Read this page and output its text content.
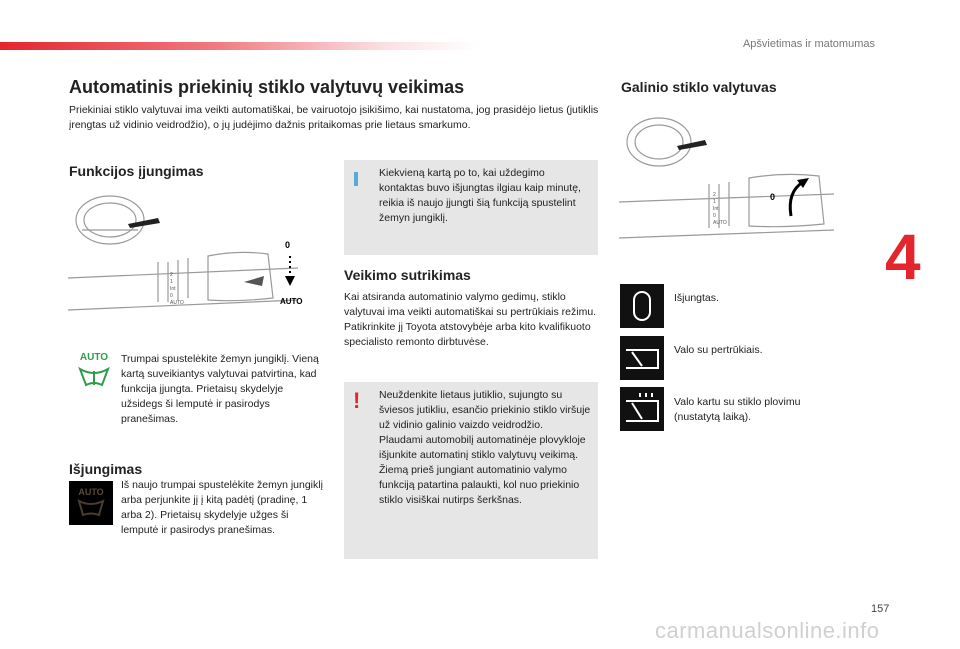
Apšvietimas ir matomumas
4
Automatinis priekinių stiklo valytuvų veikimas
Priekiniai stiklo valytuvai ima veikti automatiškai, be vairuotojo įsikišimo, kai nustatoma, jog prasidėjo lietus (jutiklis įrengtas už vidinio veidrodžio), o jų judėjimo dažnis pritaikomas prie lietaus smarkumo.
Funkcijos įjungimas
0
AUTO
2
1
Int
0
AUTO
AUTO	Trumpai spustelėkite žemyn jungiklį. Vieną kartą suveikiantys valytuvai patvirtina, kad funkcija įjungta. Prietaisų skydelyje užsidegs ši lemputė ir pasirodys pranešimas.
Išjungimas
AUTO
Iš naujo trumpai spustelėkite žemyn jungiklį arba perjunkite jį į kitą padėtį (pradinę, 1 arba 2). Prietaisų skydelyje užges ši lemputė ir pasirodys pranešimas.
Kiekvieną kartą po to, kai uždegimo kontaktas buvo išjungtas ilgiau kaip minutę, reikia iš naujo įjungti šią funkciją spustelint žemyn jungiklį.
Veikimo sutrikimas
Kai atsiranda automatinio valymo gedimų, stiklo valytuvai ima veikti automatiškai su pertrūkiais režimu. Patikrinkite jį Toyota atstovybėje arba kito kvalifikuoto specialisto remonto dirbtuvėse.
! Neuždenkite lietaus jutiklio, sujungto su šviesos jutikliu, esančio priekinio stiklo viršuje už vidinio galinio vaizdo veidrodžio.
Plaudami automobilį automatinėje plovykloje išjunkite automatinį stiklo valytuvų veikimą.
Žiemą prieš jungiant automatinio valymo funkciją patartina palaukti, kol nuo priekinio stiklo visiškai nutirps šerkšnas.
Galinio stiklo valytuvas
0
2
1
Int
0
AUTO
Išjungtas.
Valo su pertrūkiais.
Valo kartu su stiklo plovimu (nustatytą laiką).
157
carmanualsonline.info
